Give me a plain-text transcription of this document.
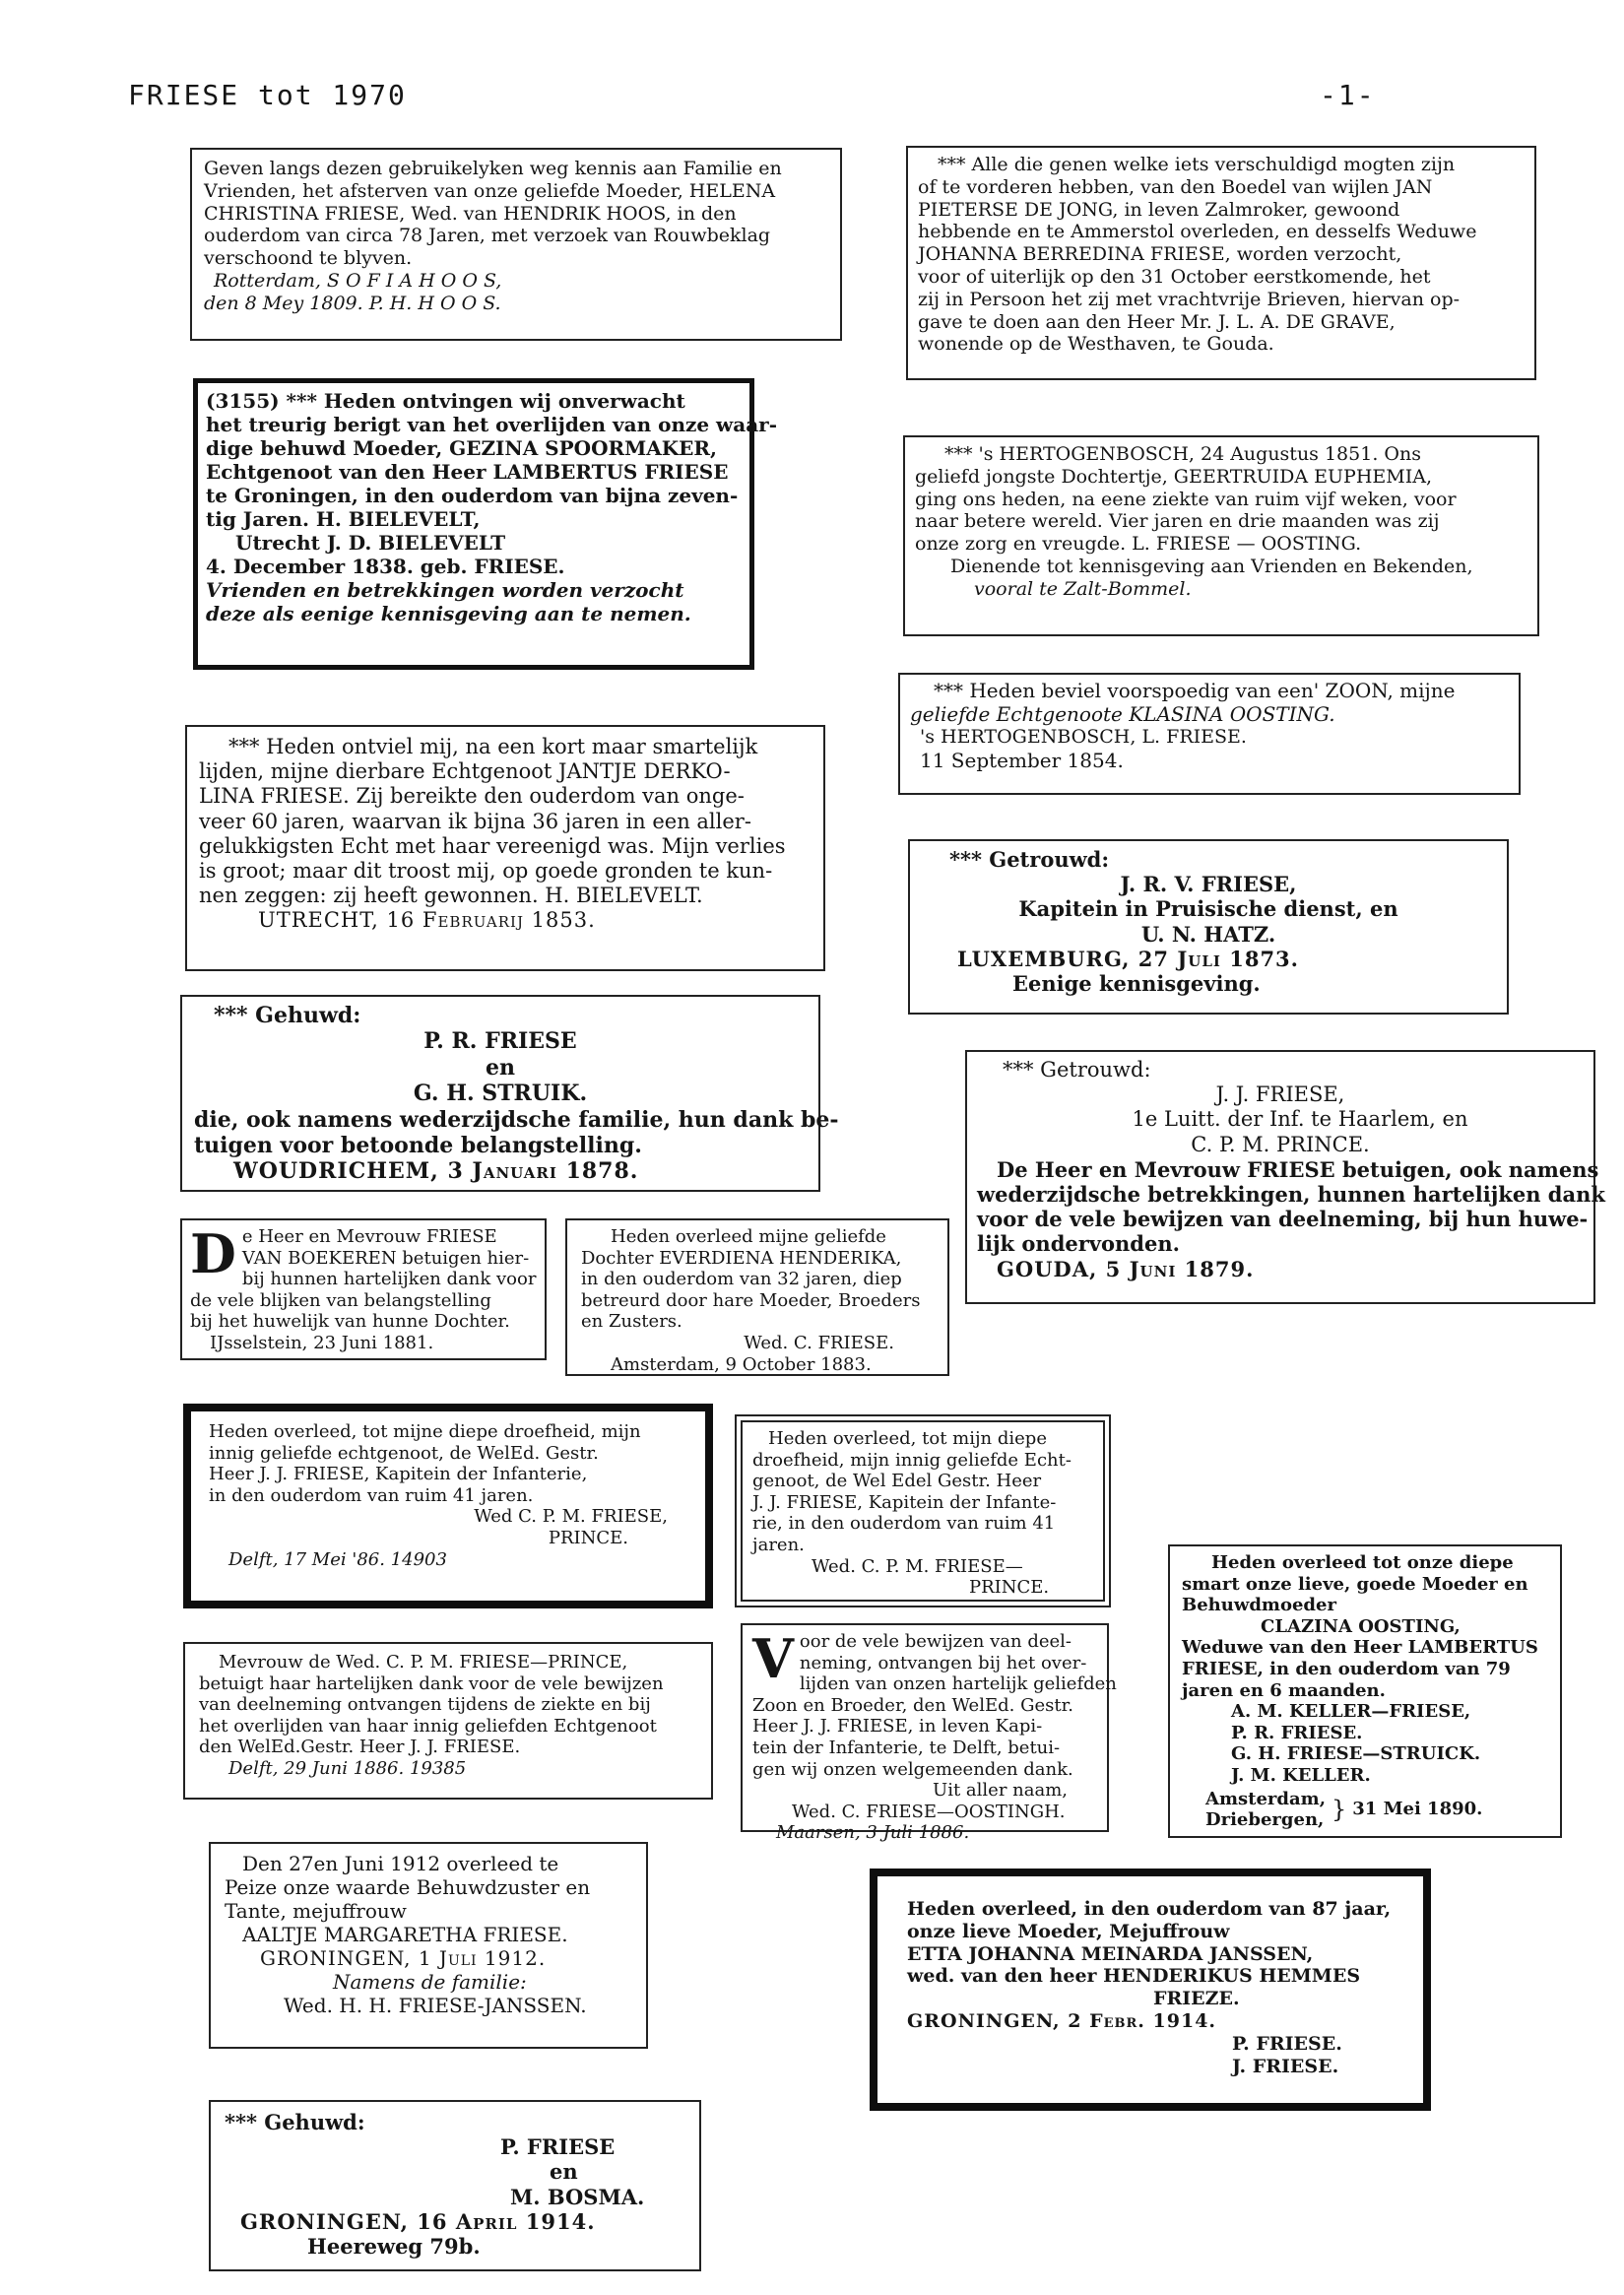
FRIESE tot 1970	-1-
Geven langs dezen gebruikelyken weg kennis aan Familie en
Vrienden, het afsterven van onze geliefde Moeder, HELENA
CHRISTINA FRIESE, Wed. van HENDRIK HOOS, in den
ouderdom van circa 78 Jaren, met verzoek van Rouwbeklag
verschoond te blyven.
Rotterdam, S O F I A H O O S,
den 8 Mey 1809. P. H. H O O S.
(3155) *** Heden ontvingen wij onverwacht
het treurig berigt van het overlijden van onze waar-
dige behuwd Moeder, GEZINA SPOORMAKER,
Echtgenoot van den Heer LAMBERTUS FRIESE
te Groningen, in den ouderdom van bijna zeven-
tig Jaren. H. BIELEVELT,
Utrecht J. D. BIELEVELT
4. December 1838. geb. FRIESE.
Vrienden en betrekkingen worden verzocht
deze als eenige kennisgeving aan te nemen.
*** Heden ontviel mij, na een kort maar smartelijk
lijden, mijne dierbare Echtgenoot JANTJE DERKO-
LINA FRIESE. Zij bereikte den ouderdom van onge-
veer 60 jaren, waarvan ik bijna 36 jaren in een aller-
gelukkigsten Echt met haar vereenigd was. Mijn verlies
is groot; maar dit troost mij, op goede gronden te kun-
nen zeggen: zij heeft gewonnen. H. BIELEVELT.
UTRECHT, 16 Februarij 1853.
*** Gehuwd:
P. R. FRIESE
en
G. H. STRUIK.
die, ook namens wederzijdsche familie, hun dank be-
tuigen voor betoonde belangstelling.
WOUDRICHEM, 3 Januari 1878.
D e Heer en Mevrouw FRIESE
VAN BOEKEREN betuigen hier-
bij hunnen hartelijken dank voor
de vele blijken van belangstelling
bij het huwelijk van hunne Dochter.
IJsselstein, 23 Juni 1881.
Heden overleed mijne geliefde
Dochter EVERDIENA HENDERIKA,
in den ouderdom van 32 jaren, diep
betreurd door hare Moeder, Broeders
en Zusters.
Wed. C. FRIESE.
Amsterdam, 9 October 1883.
Heden overleed, tot mijne diepe droefheid, mijn
innig geliefde echtgenoot, de WelEd. Gestr.
Heer J. J. FRIESE, Kapitein der Infanterie,
in den ouderdom van ruim 41 jaren.
Wed C. P. M. FRIESE,
PRINCE.
Delft, 17 Mei '86. 14903
Mevrouw de Wed. C. P. M. FRIESE—PRINCE,
betuigt haar hartelijken dank voor de vele bewijzen
van deelneming ontvangen tijdens de ziekte en bij
het overlijden van haar innig geliefden Echtgenoot
den WelEd.Gestr. Heer J. J. FRIESE.
Delft, 29 Juni 1886. 19385
Den 27en Juni 1912 overleed te
Peize onze waarde Behuwdzuster en
Tante, mejuffrouw
AALTJE MARGARETHA FRIESE.
GRONINGEN, 1 Juli 1912.
Namens de familie:
Wed. H. H. FRIESE-JANSSEN.
*** Gehuwd:
P. FRIESE
en
M. BOSMA.
GRONINGEN, 16 April 1914.
Heereweg 79b.
Heden overleed, tot mijn diepe
droefheid, mijn innig geliefde Echt-
genoot, de Wel Edel Gestr. Heer
J. J. FRIESE, Kapitein der Infante-
rie, in den ouderdom van ruim 41
jaren.
Wed. C. P. M. FRIESE—
PRINCE.
V oor de vele bewijzen van deel-
neming, ontvangen bij het over-
lijden van onzen hartelijk geliefden
Zoon en Broeder, den WelEd. Gestr.
Heer J. J. FRIESE, in leven Kapi-
tein der Infanterie, te Delft, betui-
gen wij onzen welgemeenden dank.
Uit aller naam,
Wed. C. FRIESE—OOSTINGH.
Maarsen, 3 Juli 1886.
*** Alle die genen welke iets verschuldigd mogten zijn
of te vorderen hebben, van den Boedel van wijlen JAN
PIETERSE DE JONG, in leven Zalmroker, gewoond
hebbende en te Ammerstol overleden, en desselfs Weduwe
JOHANNA BERREDINA FRIESE, worden verzocht,
voor of uiterlijk op den 31 October eerstkomende, het
zij in Persoon het zij met vrachtvrije Brieven, hiervan op-
gave te doen aan den Heer Mr. J. L. A. DE GRAVE,
wonende op de Westhaven, te Gouda.
*** 's HERTOGENBOSCH, 24 Augustus 1851. Ons
geliefd jongste Dochtertje, GEERTRUIDA EUPHEMIA,
ging ons heden, na eene ziekte van ruim vijf weken, voor
naar betere wereld. Vier jaren en drie maanden was zij
onze zorg en vreugde. L. FRIESE — OOSTING.
Dienende tot kennisgeving aan Vrienden en Bekenden,
vooral te Zalt-Bommel.
*** Heden beviel voorspoedig van een' ZOON, mijne
geliefde Echtgenoote KLASINA OOSTING.
's HERTOGENBOSCH, L. FRIESE.
11 September 1854.
*** Getrouwd:
J. R. V. FRIESE,
Kapitein in Pruisische dienst, en
U. N. HATZ.
LUXEMBURG, 27 Juli 1873.
Eenige kennisgeving.
*** Getrouwd:
J. J. FRIESE,
1e Luitt. der Inf. te Haarlem, en
C. P. M. PRINCE.
De Heer en Mevrouw FRIESE betuigen, ook namens
wederzijdsche betrekkingen, hunnen hartelijken dank
voor de vele bewijzen van deelneming, bij hun huwe-
lijk ondervonden.
GOUDA, 5 Juni 1879.
Heden overleed tot onze diepe
smart onze lieve, goede Moeder en
Behuwdmoeder
CLAZINA OOSTING,
Weduwe van den Heer LAMBERTUS
FRIESE, in den ouderdom van 79
jaren en 6 maanden.
A. M. KELLER—FRIESE,
P. R. FRIESE.
G. H. FRIESE—STRUICK.
J. M. KELLER.
Amsterdam,
Driebergen, } 31 Mei 1890.
Heden overleed, in den ouderdom van 87 jaar,
onze lieve Moeder, Mejuffrouw
ETTA JOHANNA MEINARDA JANSSEN,
wed. van den heer HENDERIKUS HEMMES
FRIEZE.
GRONINGEN, 2 Febr. 1914.
P. FRIESE.
J. FRIESE.
